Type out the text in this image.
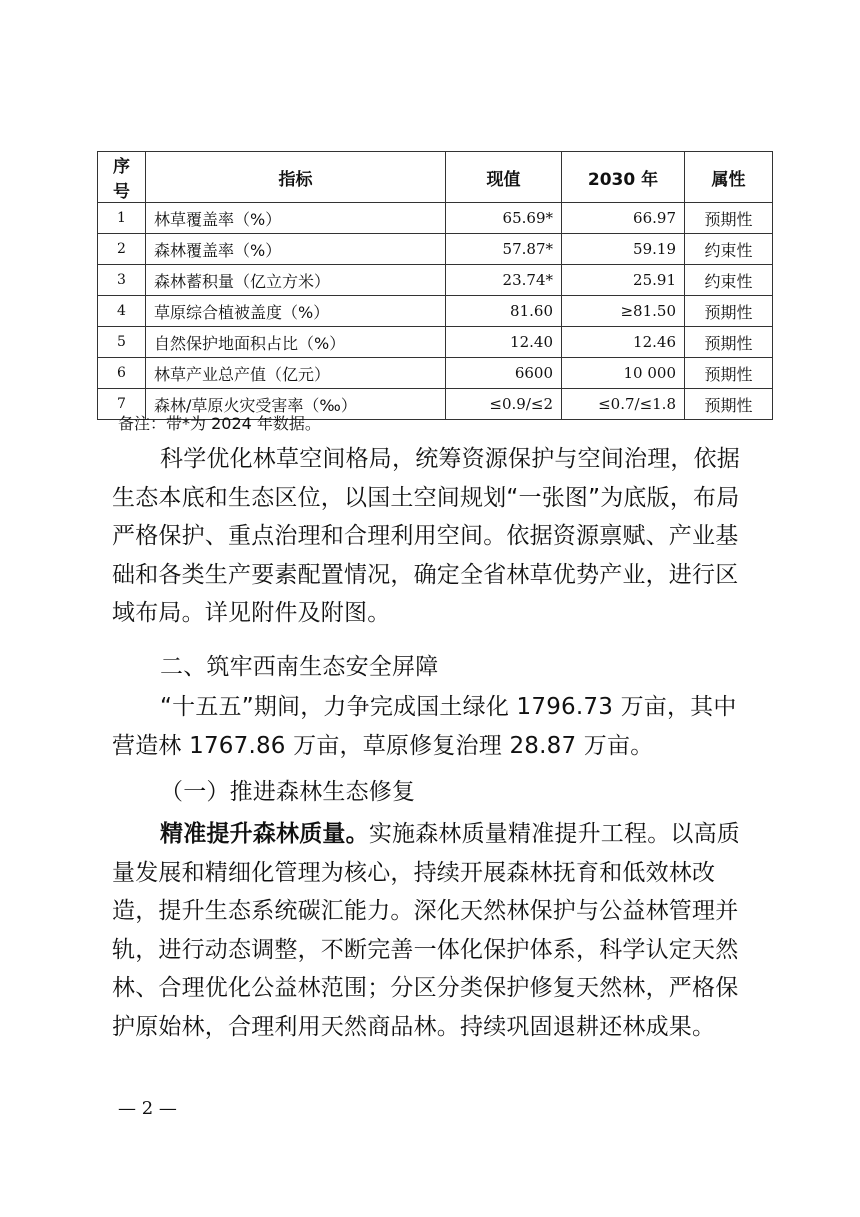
序号	指标	现值	2030 年	属性
1	林草覆盖率（%）	65.69*	66.97	预期性
2	森林覆盖率（%）	57.87*	59.19	约束性
3	森林蓄积量（亿立方米）	23.74*	25.91	约束性
4	草原综合植被盖度（%）	81.60	≥81.50	预期性
5	自然保护地面积占比（%）	12.40	12.46	预期性
6	林草产业总产值（亿元）	6600	10 000	预期性
7	森林/草原火灾受害率（‰）	≤0.9/≤2	≤0.7/≤1.8	预期性
备注：带*为 2024 年数据。

科学优化林草空间格局，统筹资源保护与空间治理，依据生态本底和生态区位，以国土空间规划“一张图”为底版，布局严格保护、重点治理和合理利用空间。依据资源禀赋、产业基础和各类生产要素配置情况，确定全省林草优势产业，进行区域布局。详见附件及附图。

二、筑牢西南生态安全屏障

“十五五”期间，力争完成国土绿化 1796.73 万亩，其中营造林 1767.86 万亩，草原修复治理 28.87 万亩。

（一）推进森林生态修复

精准提升森林质量。实施森林质量精准提升工程。以高质量发展和精细化管理为核心，持续开展森林抚育和低效林改造，提升生态系统碳汇能力。深化天然林保护与公益林管理并轨，进行动态调整，不断完善一体化保护体系，科学认定天然林、合理优化公益林范围；分区分类保护修复天然林，严格保护原始林，合理利用天然商品林。持续巩固退耕还林成果。

— 2 —
